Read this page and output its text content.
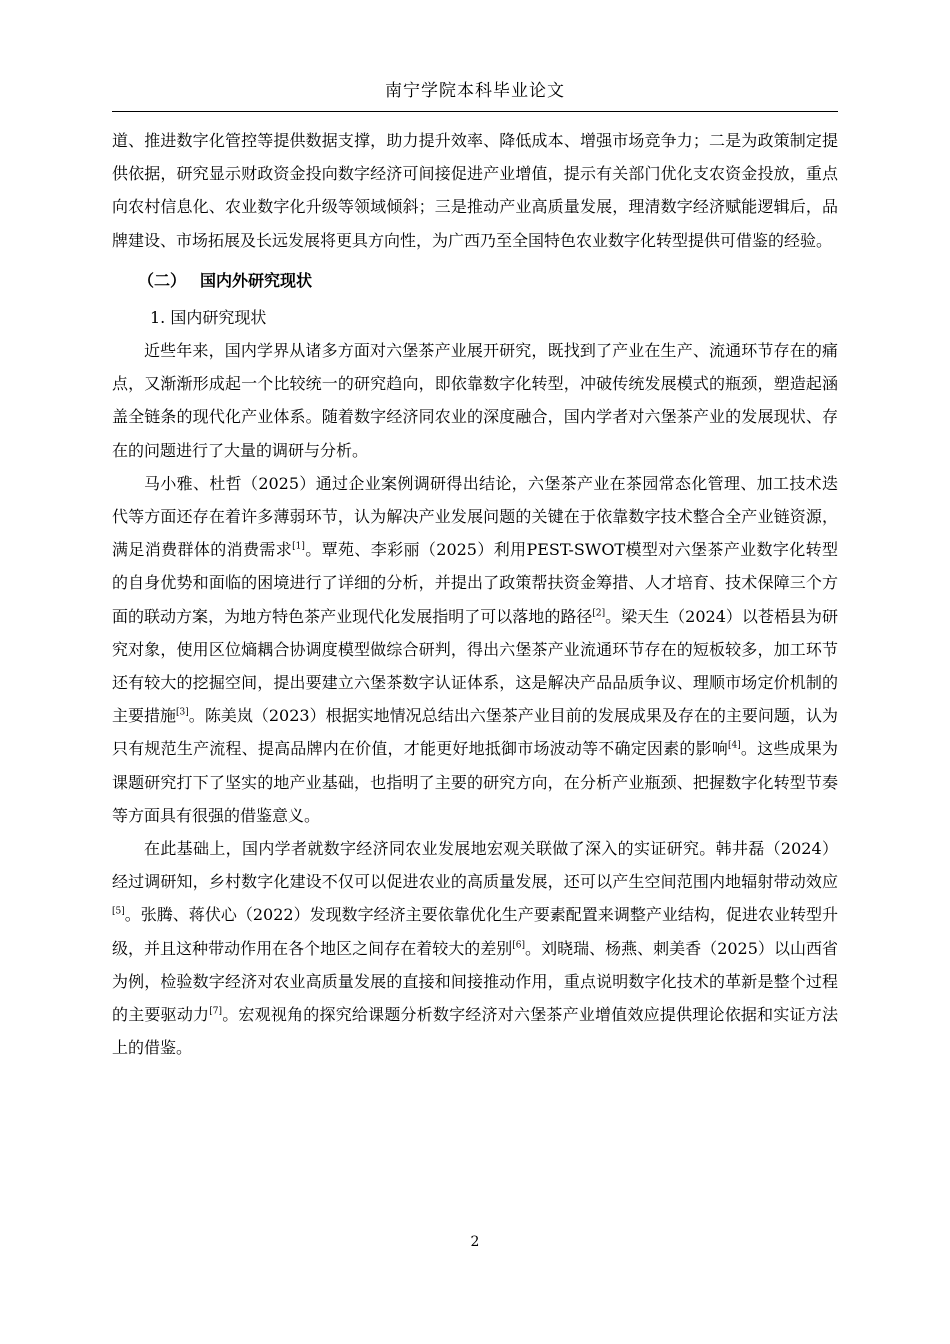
南宁学院本科毕业论文

道、推进数字化管控等提供数据支撑，助力提升效率、降低成本、增强市场竞争力；二是为政策制定提供依据，研究显示财政资金投向数字经济可间接促进产业增值，提示有关部门优化支农资金投放，重点向农村信息化、农业数字化升级等领域倾斜；三是推动产业高质量发展，理清数字经济赋能逻辑后，品牌建设、市场拓展及长远发展将更具方向性，为广西乃至全国特色农业数字化转型提供可借鉴的经验。

（二） 国内外研究现状

1. 国内研究现状

近些年来，国内学界从诸多方面对六堡茶产业展开研究，既找到了产业在生产、流通环节存在的痛点，又渐渐形成起一个比较统一的研究趋向，即依靠数字化转型，冲破传统发展模式的瓶颈，塑造起涵盖全链条的现代化产业体系。随着数字经济同农业的深度融合，国内学者对六堡茶产业的发展现状、存在的问题进行了大量的调研与分析。

马小雅、杜哲（2025）通过企业案例调研得出结论，六堡茶产业在茶园常态化管理、加工技术迭代等方面还存在着许多薄弱环节，认为解决产业发展问题的关键在于依靠数字技术整合全产业链资源，满足消费群体的消费需求[1]。覃苑、李彩丽（2025）利用PEST-SWOT模型对六堡茶产业数字化转型的自身优势和面临的困境进行了详细的分析，并提出了政策帮扶资金筹措、人才培育、技术保障三个方面的联动方案，为地方特色茶产业现代化发展指明了可以落地的路径[2]。梁天生（2024）以苍梧县为研究对象，使用区位熵耦合协调度模型做综合研判，得出六堡茶产业流通环节存在的短板较多，加工环节还有较大的挖掘空间，提出要建立六堡茶数字认证体系，这是解决产品品质争议、理顺市场定价机制的主要措施[3]。陈美岚（2023）根据实地情况总结出六堡茶产业目前的发展成果及存在的主要问题，认为只有规范生产流程、提高品牌内在价值，才能更好地抵御市场波动等不确定因素的影响[4]。这些成果为课题研究打下了坚实的地产业基础，也指明了主要的研究方向，在分析产业瓶颈、把握数字化转型节奏等方面具有很强的借鉴意义。

在此基础上，国内学者就数字经济同农业发展地宏观关联做了深入的实证研究。韩井磊（2024）经过调研知，乡村数字化建设不仅可以促进农业的高质量发展，还可以产生空间范围内地辐射带动效应[5]。张腾、蒋伏心（2022）发现数字经济主要依靠优化生产要素配置来调整产业结构，促进农业转型升级，并且这种带动作用在各个地区之间存在着较大的差别[6]。刘晓瑞、杨燕、刺美香（2025）以山西省为例，检验数字经济对农业高质量发展的直接和间接推动作用，重点说明数字化技术的革新是整个过程的主要驱动力[7]。宏观视角的探究给课题分析数字经济对六堡茶产业增值效应提供理论依据和实证方法上的借鉴。

2
